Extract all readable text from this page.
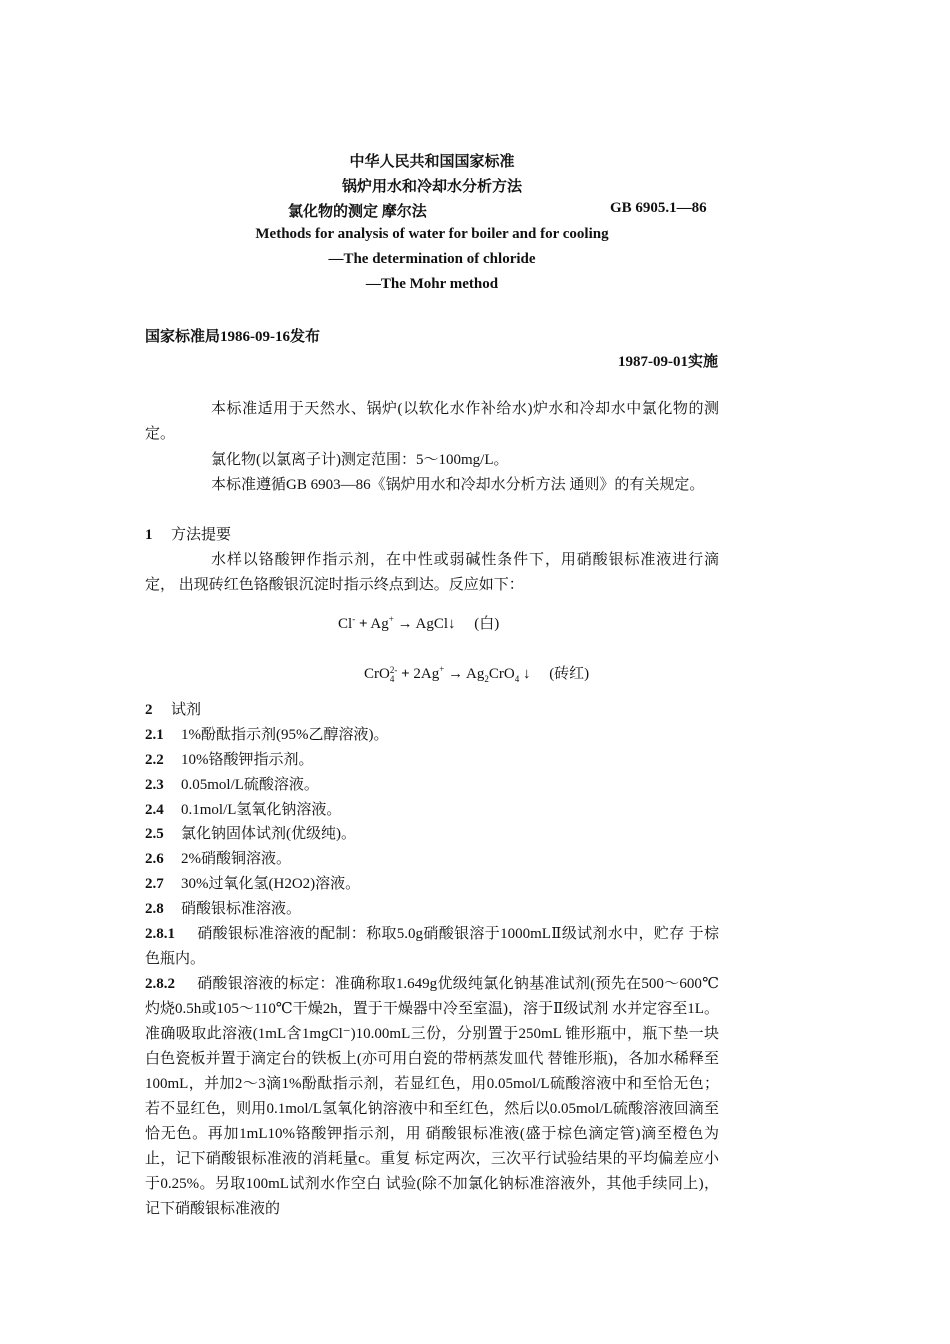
中华人民共和国国家标准
锅炉用水和冷却水分析方法
氯化物的测定 摩尔法	GB 6905.1—86
Methods for analysis of water for boiler and for cooling
—The determination of chloride
—The Mohr method
国家标准局1986-09-16发布
1987-09-01实施
本标准适用于天然水、锅炉(以软化水作补给水)炉水和冷却水中氯化物的测 定。
氯化物(以氯离子计)测定范围：5～100mg/L。
本标准遵循GB 6903—86《锅炉用水和冷却水分析方法 通则》的有关规定。
1 方法提要
水样以铬酸钾作指示剂，在中性或弱碱性条件下，用硝酸银标准液进行滴定， 出现砖红色铬酸银沉淀时指示终点到达。反应如下：
Cl- + Ag+ → AgCl↓     (白)
CrO 2-
$4 + 2Ag^+ \to Ag_2CrO_4$ ↓     (砖红)
2 试剂
2.1 1%酚酞指示剂(95%乙醇溶液)。
2.2 10%铬酸钾指示剂。
2.3 0.05mol/L硫酸溶液。
2.4 0.1mol/L氢氧化钠溶液。
2.5 氯化钠固体试剂(优级纯)。
2.6 2%硝酸铜溶液。
2.7 30%过氧化氢(H2O2)溶液。
2.8 硝酸银标准溶液。
2.8.1 硝酸银标准溶液的配制：称取5.0g硝酸银溶于1000mLⅡ级试剂水中，贮存 于棕色瓶内。
2.8.2 硝酸银溶液的标定：准确称取1.649g优级纯氯化钠基准试剂(预先在500～600℃灼烧0.5h或105～110℃干燥2h，置于干燥器中冷至室温)，溶于Ⅱ级试剂 水并定容至1L。准确吸取此溶液(1mL含1mgCl⁻)10.00mL三份，分别置于250mL 锥形瓶中，瓶下垫一块白色瓷板并置于滴定台的铁板上(亦可用白瓷的带柄蒸发皿代 替锥形瓶)，各加水稀释至100mL，并加2～3滴1%酚酞指示剂，若显红色，用0.05mol/L硫酸溶液中和至恰无色；若不显红色，则用0.1mol/L氢氧化钠溶液中和至红色，然后以0.05mol/L硫酸溶液回滴至恰无色。再加1mL10%铬酸钾指示剂，用 硝酸银标准液(盛于棕色滴定管)滴至橙色为止，记下硝酸银标准液的消耗量c。重复 标定两次，三次平行试验结果的平均偏差应小于0.25%。另取100mL试剂水作空白 试验(除不加氯化钠标准溶液外，其他手续同上)，记下硝酸银标准液的
